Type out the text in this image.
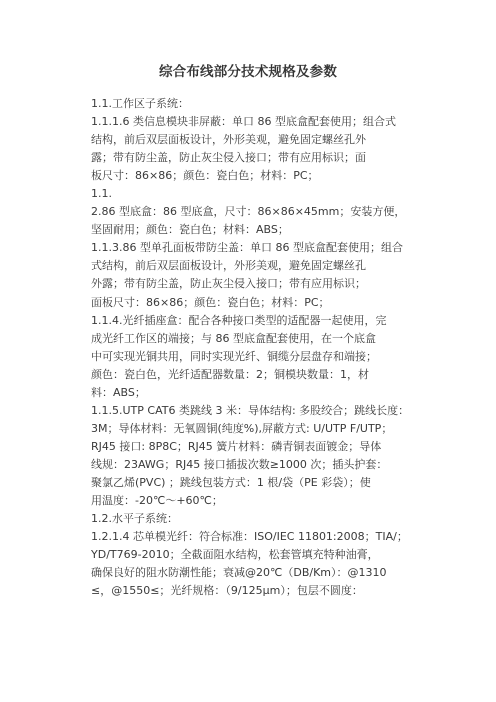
综合布线部分技术规格及参数
1.1.工作区子系统：
1.1.1.6 类信息模块非屏蔽：单口 86 型底盒配套使用；组合式
结构，前后双层面板设计，外形美观，避免固定螺丝孔外
露；带有防尘盖，防止灰尘侵入接口；带有应用标识；面
板尺寸：86×86；颜色：瓷白色；材料：PC；
1.1.
2.86 型底盒：86 型底盒，尺寸：86×86×45mm；安装方便，
坚固耐用；颜色：瓷白色；材料：ABS；
1.1.3.86 型单孔面板带防尘盖：单口 86 型底盒配套使用；组合
式结构，前后双层面板设计，外形美观，避免固定螺丝孔
外露；带有防尘盖，防止灰尘侵入接口；带有应用标识；
面板尺寸：86×86；颜色：瓷白色；材料：PC；
1.1.4.光纤插座盒：配合各种接口类型的适配器一起使用，完
成光纤工作区的端接；与 86 型底盒配套使用，在一个底盒
中可实现光铜共用，同时实现光纤、铜缆分层盘存和端接；
颜色：瓷白色，光纤适配器数量：2；铜模块数量：1，材
料：ABS；
1.1.5.UTP CAT6 类跳线 3 米：导体结构: 多股绞合；跳线长度：
3M；导体材料：无氧圆铜(纯度%),屏蔽方式: U/UTP F/UTP；
RJ45 接口: 8P8C；RJ45 簧片材料：磷青铜表面镀金；导体
线规：23AWG；RJ45 接口插拔次数≥1000 次；插头护套：
聚氯乙烯(PVC) ；跳线包装方式：1 根/袋（PE 彩袋）；使
用温度：-20℃～+60℃；
1.2.水平子系统：
1.2.1.4 芯单模光纤：符合标准：ISO/IEC 11801:2008；TIA/；
YD/T769-2010；全截面阻水结构，松套管填充特种油膏，
确保良好的阻水防潮性能；衰减@20℃（DB/Km）：@1310
≤，@1550≤；光纤规格：（9/125μm）；包层不圆度：
